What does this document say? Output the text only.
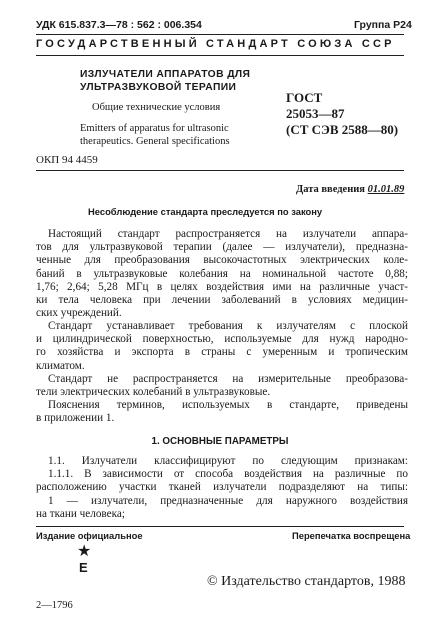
УДК 615.837.3—78 : 562 : 006.354	Группа Р24
ГОСУДАРСТВЕННЫЙ СТАНДАРТ СОЮЗА ССР
ИЗЛУЧАТЕЛИ АППАРАТОВ ДЛЯ
УЛЬТРАЗВУКОВОЙ ТЕРАПИИ
Общие технические условия
Emitters of apparatus for ultrasonic
therapeutics. General specifications
ГОСТ
25053—87
(СТ СЭВ 2588—80)
ОКП 94 4459
Дата введения 01.01.89
Несоблюдение стандарта преследуется по закону
Настоящий стандарт распространяется на излучатели аппара-
тов для ультразвуковой терапии (далее — излучатели), предназна-
ченные для преобразования высокочастотных электрических коле-
баний в ультразвуковые колебания на номинальной частоте 0,88;
1,76; 2,64; 5,28 МГц в целях воздействия ими на различные участ-
ки тела человека при лечении заболеваний в условиях медицин-
ских учреждений.
Стандарт устанавливает требования к излучателям с плоской
и цилиндрической поверхностью, используемые для нужд народно-
го хозяйства и экспорта в страны с умеренным и тропическим
климатом.
Стандарт не распространяется на измерительные преобразова-
тели электрических колебаний в ультразвуковые.
Пояснения терминов, используемых в стандарте, приведены
в приложении 1.
1. ОСНОВНЫЕ ПАРАМЕТРЫ
1.1. Излучатели классифицируют по следующим признакам:
1.1.1. В зависимости от способа воздействия на различные по
расположению участки тканей излучатели подразделяют на типы:
1 — излучатели, предназначенные для наружного воздействия
на ткани человека;
Издание официальное	Перепечатка воспрещена
★
Е
© Издательство стандартов, 1988
2—1796
